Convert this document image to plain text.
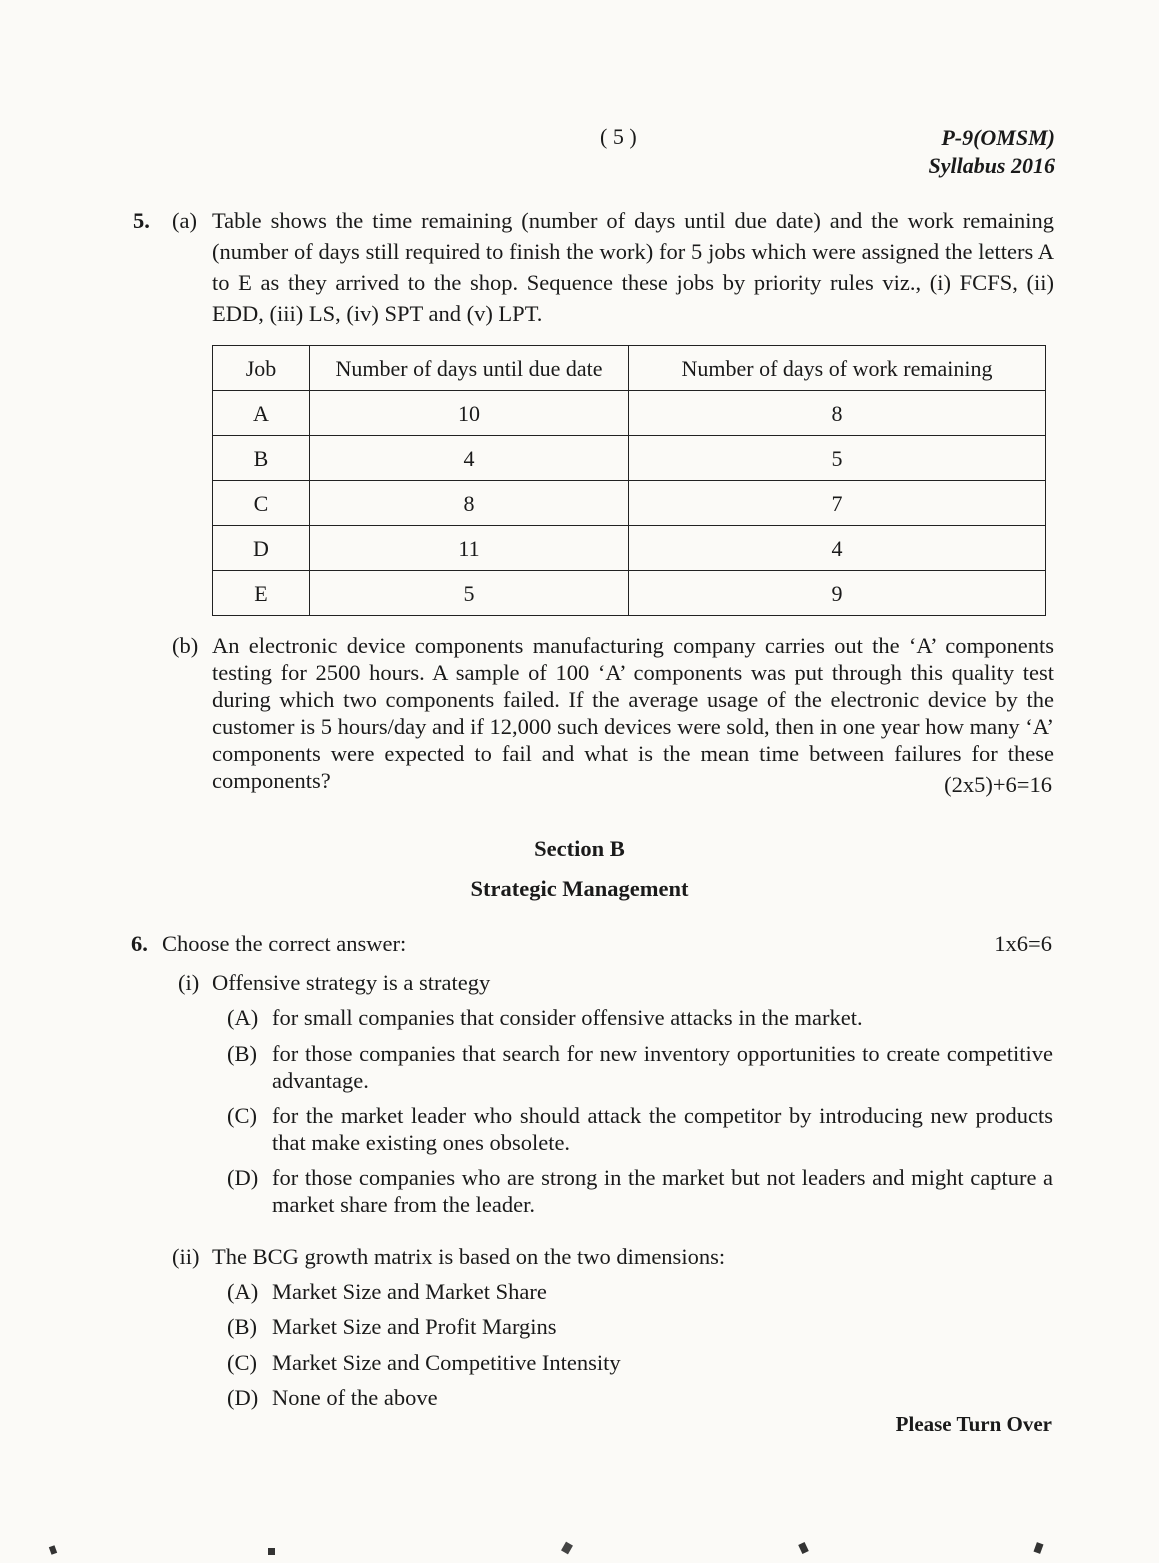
( 5 )	P-9(OMSM)
Syllabus 2016
5. (a) Table shows the time remaining (number of days until due date) and the work remaining (number of days still required to finish the work) for 5 jobs which were assigned the letters A to E as they arrived to the shop. Sequence these jobs by priority rules viz., (i) FCFS, (ii) EDD, (iii) LS, (iv) SPT and (v) LPT.
Job	Number of days until due date	Number of days of work remaining
A	10	8
B	4	5
C	8	7
D	11	4
E	5	9
(b) An electronic device components manufacturing company carries out the ‘A’ components testing for 2500 hours. A sample of 100 ‘A’ components was put through this quality test during which two components failed. If the average usage of the electronic device by the customer is 5 hours/day and if 12,000 such devices were sold, then in one year how many ‘A’ components were expected to fail and what is the mean time between failures for these components?	(2x5)+6=16
Section B
Strategic Management
6. Choose the correct answer:	1x6=6
(i) Offensive strategy is a strategy
(A) for small companies that consider offensive attacks in the market.
(B) for those companies that search for new inventory opportunities to create competitive advantage.
(C) for the market leader who should attack the competitor by introducing new products that make existing ones obsolete.
(D) for those companies who are strong in the market but not leaders and might capture a market share from the leader.
(ii) The BCG growth matrix is based on the two dimensions:
(A) Market Size and Market Share
(B) Market Size and Profit Margins
(C) Market Size and Competitive Intensity
(D) None of the above
Please Turn Over
